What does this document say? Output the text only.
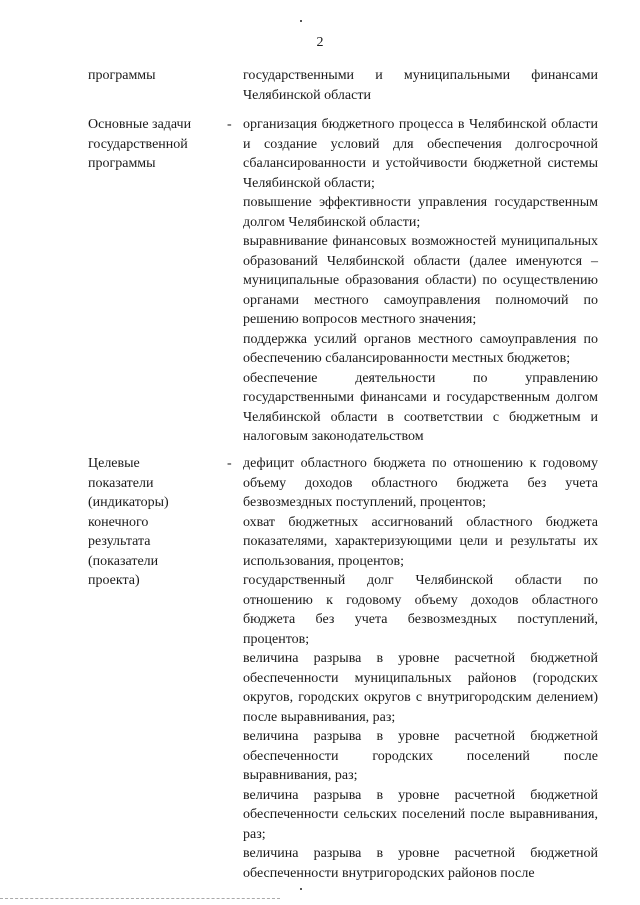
2
программы	государственными и муниципальными финансами Челябинской области

Основные задачи государственной программы
- организация бюджетного процесса в Челябинской области и создание условий для обеспечения долгосрочной сбалансированности и устойчивости бюджетной системы Челябинской области;

повышение эффективности управления государственным долгом Челябинской области;

выравнивание финансовых возможностей муниципальных образований Челябинской области (далее именуются – муниципальные образования области) по осуществлению органами местного самоуправления полномочий по решению вопросов местного значения;

поддержка усилий органов местного самоуправления по обеспечению сбалансированности местных бюджетов;

обеспечение деятельности по управлению государственными финансами и государственным долгом Челябинской области в соответствии с бюджетным и налоговым законодательством

Целевые показатели (индикаторы) конечного результата (показатели проекта)
- дефицит областного бюджета по отношению к годовому объему доходов областного бюджета без учета безвозмездных поступлений, процентов;

охват бюджетных ассигнований областного бюджета показателями, характеризующими цели и результаты их использования, процентов;

государственный долг Челябинской области по отношению к годовому объему доходов областного бюджета без учета безвозмездных поступлений, процентов;

величина разрыва в уровне расчетной бюджетной обеспеченности муниципальных районов (городских округов, городских округов с внутригородским делением) после выравнивания, раз;

величина разрыва в уровне расчетной бюджетной обеспеченности городских поселений после выравнивания, раз;

величина разрыва в уровне расчетной бюджетной обеспеченности сельских поселений после выравнивания, раз;

величина разрыва в уровне расчетной бюджетной обеспеченности внутригородских районов после
